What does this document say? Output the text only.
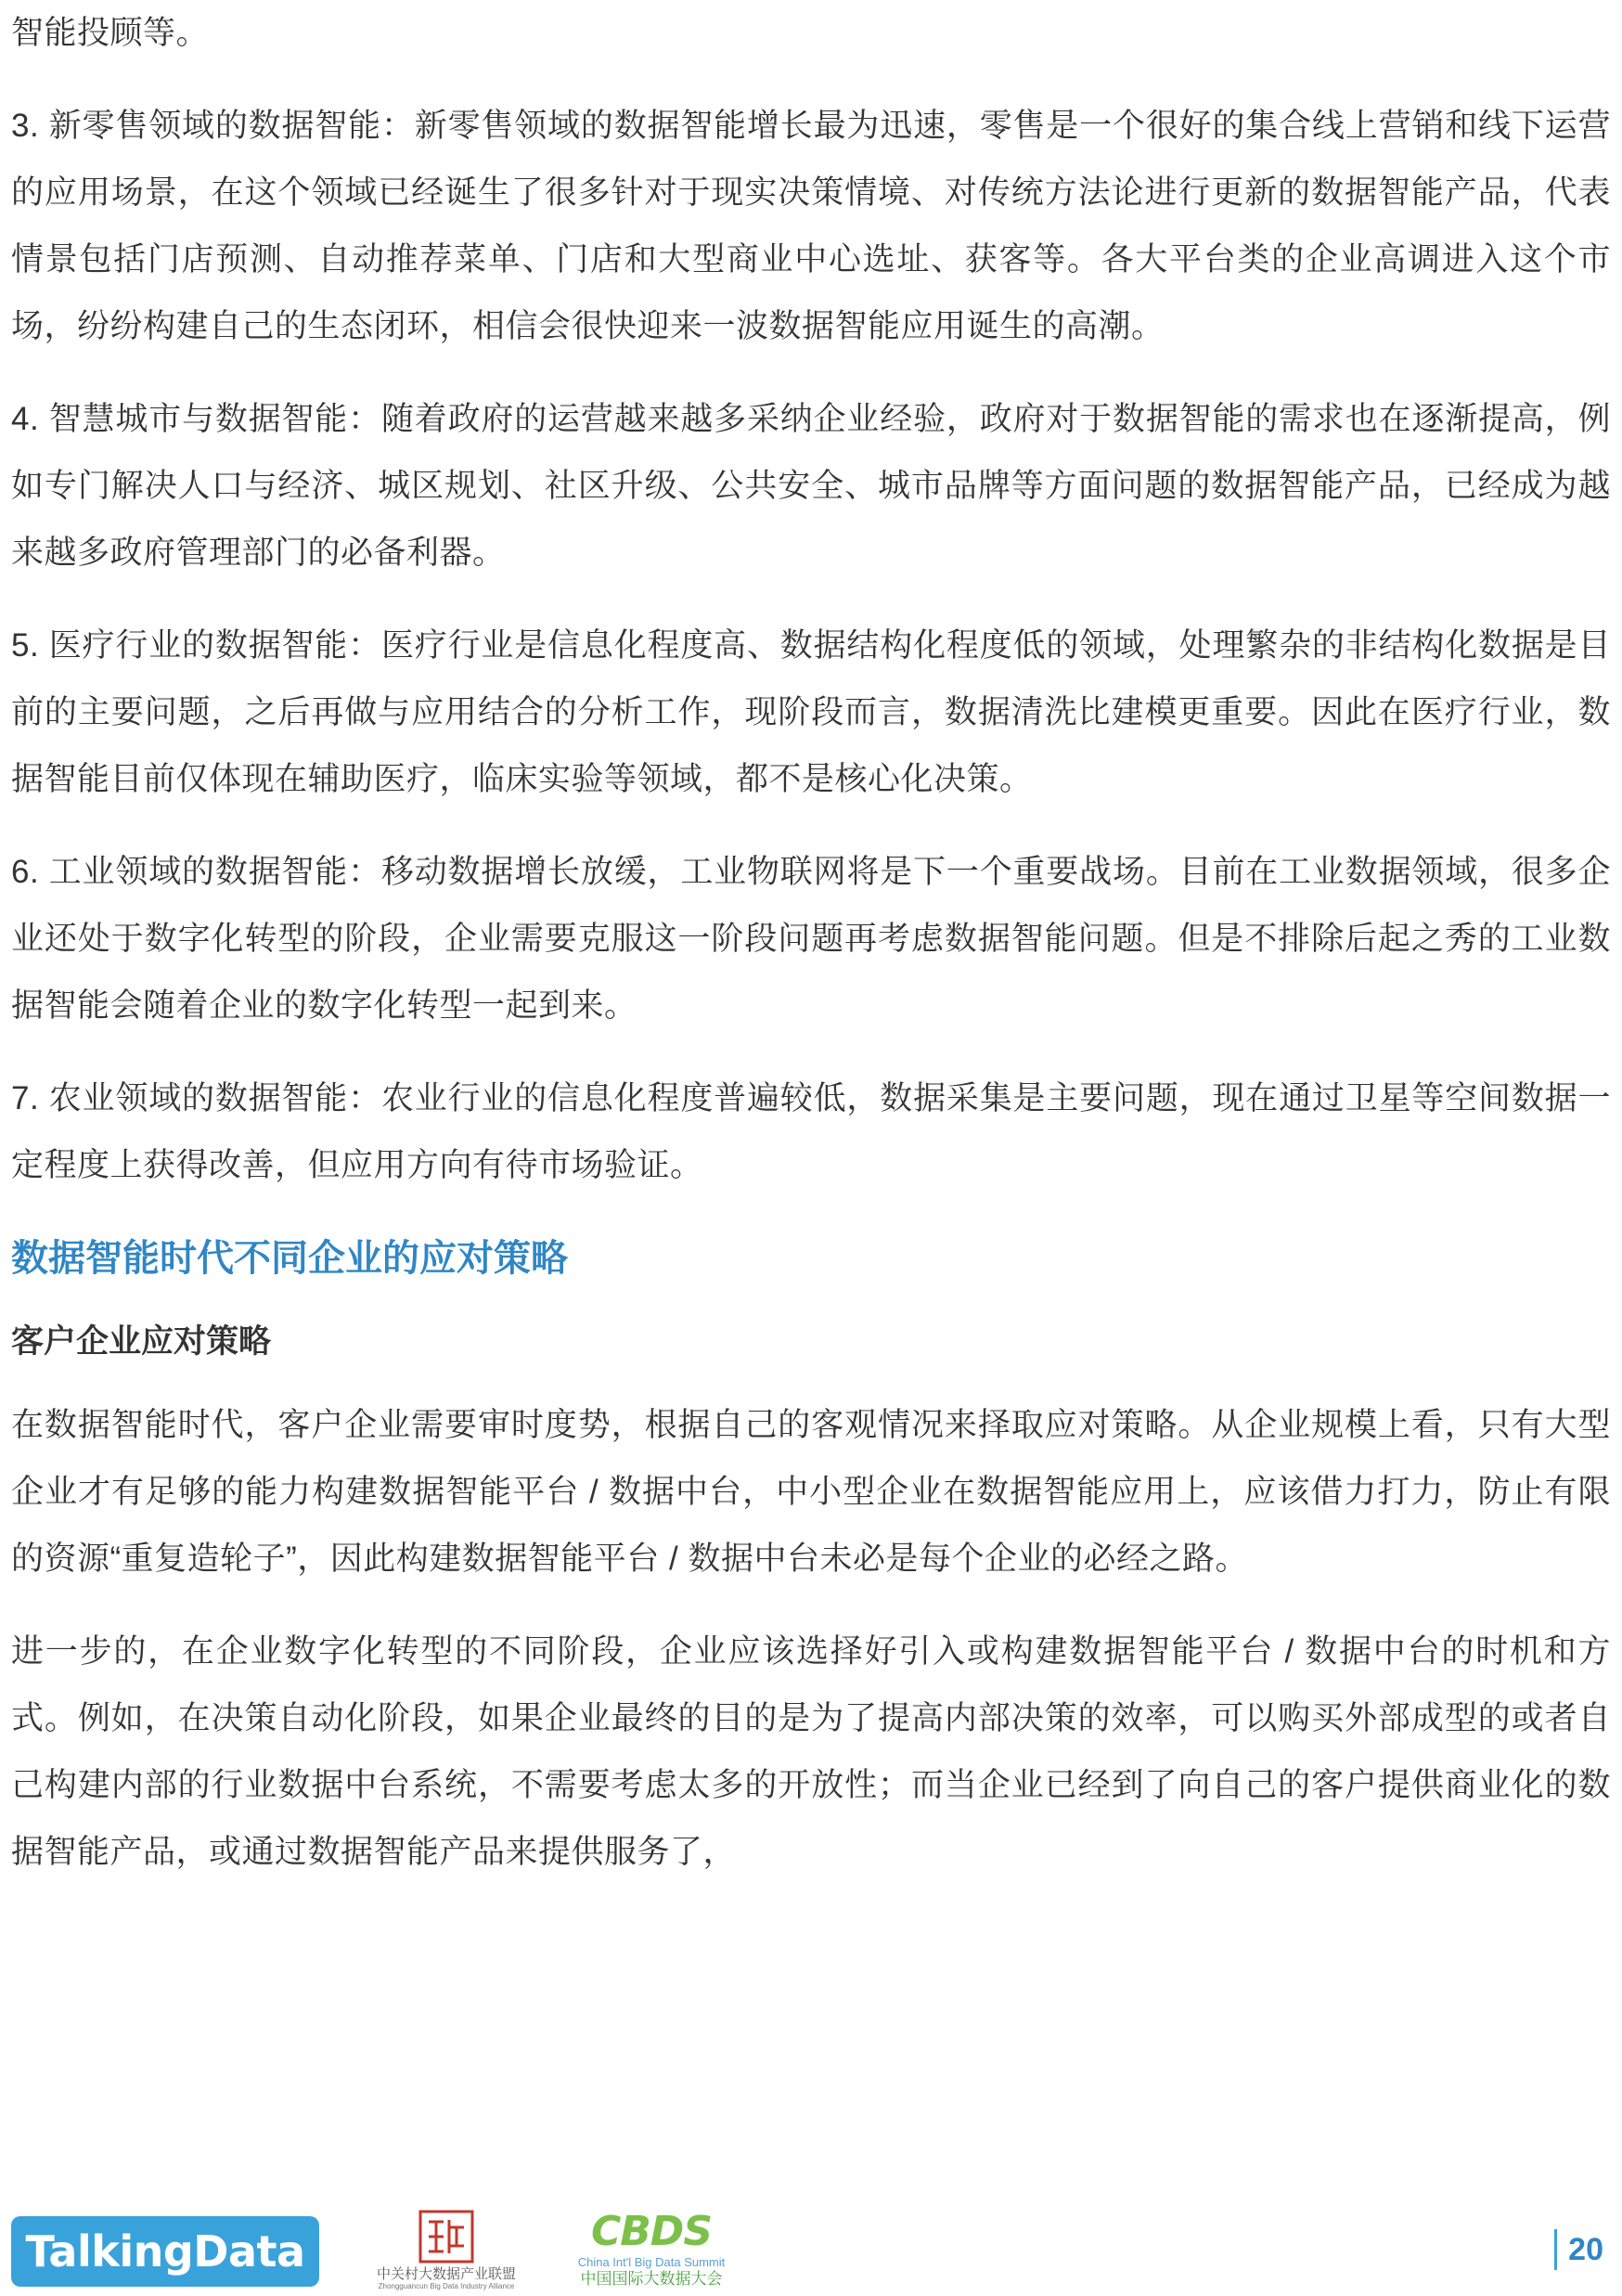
智能投顾等。

3. 新零售领域的数据智能：新零售领域的数据智能增长最为迅速，零售是一个很好的集合线上营销和线下运营的应用场景，在这个领域已经诞生了很多针对于现实决策情境、对传统方法论进行更新的数据智能产品，代表情景包括门店预测、自动推荐菜单、门店和大型商业中心选址、获客等。各大平台类的企业高调进入这个市场，纷纷构建自己的生态闭环，相信会很快迎来一波数据智能应用诞生的高潮。

4. 智慧城市与数据智能：随着政府的运营越来越多采纳企业经验，政府对于数据智能的需求也在逐渐提高，例如专门解决人口与经济、城区规划、社区升级、公共安全、城市品牌等方面问题的数据智能产品，已经成为越来越多政府管理部门的必备利器。

5. 医疗行业的数据智能：医疗行业是信息化程度高、数据结构化程度低的领域，处理繁杂的非结构化数据是目前的主要问题，之后再做与应用结合的分析工作，现阶段而言，数据清洗比建模更重要。因此在医疗行业，数据智能目前仅体现在辅助医疗，临床实验等领域，都不是核心化决策。

6. 工业领域的数据智能：移动数据增长放缓，工业物联网将是下一个重要战场。目前在工业数据领域，很多企业还处于数字化转型的阶段，企业需要克服这一阶段问题再考虑数据智能问题。但是不排除后起之秀的工业数据智能会随着企业的数字化转型一起到来。

7. 农业领域的数据智能：农业行业的信息化程度普遍较低，数据采集是主要问题，现在通过卫星等空间数据一定程度上获得改善，但应用方向有待市场验证。

数据智能时代不同企业的应对策略
客户企业应对策略

在数据智能时代，客户企业需要审时度势，根据自己的客观情况来择取应对策略。从企业规模上看，只有大型企业才有足够的能力构建数据智能平台 / 数据中台，中小型企业在数据智能应用上，应该借力打力，防止有限的资源“重复造轮子”，因此构建数据智能平台 / 数据中台未必是每个企业的必经之路。

进一步的，在企业数字化转型的不同阶段，企业应该选择好引入或构建数据智能平台 / 数据中台的时机和方式。例如，在决策自动化阶段，如果企业最终的目的是为了提高内部决策的效率，可以购买外部成型的或者自己构建内部的行业数据中台系统，不需要考虑太多的开放性；而当企业已经到了向自己的客户提供商业化的数据智能产品，或通过数据智能产品来提供服务了，

TalkingData	中关村大数据产业联盟
Zhongguancun Big Data Industry Alliance
CBDS
China Int'l Big Data Summit
中国国际大数据大会
20
